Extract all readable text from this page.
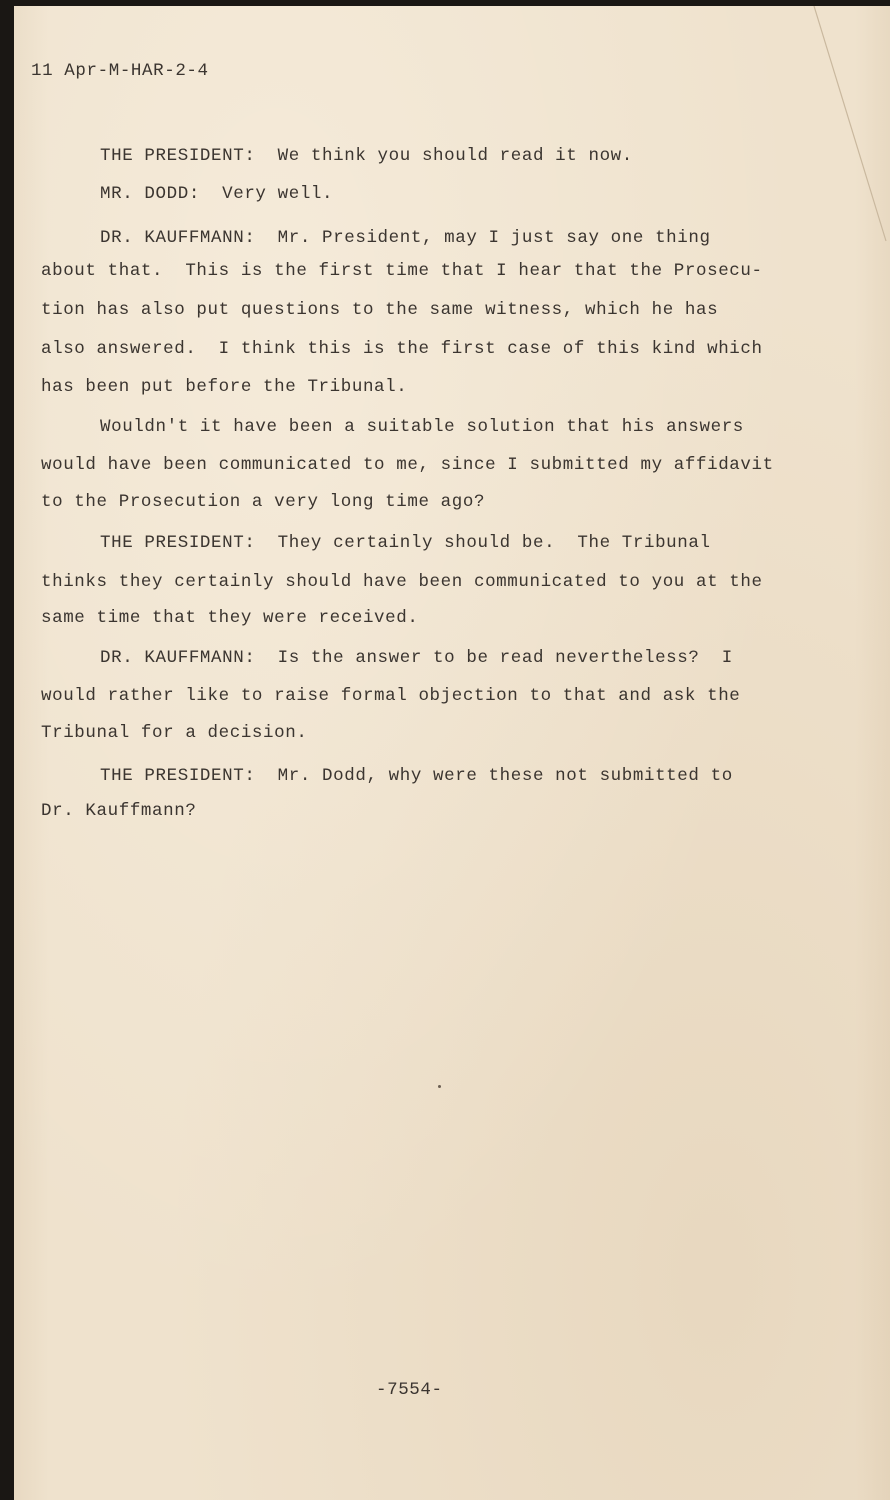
11 Apr-M-HAR-2-4
THE PRESIDENT:  We think you should read it now.
MR. DODD:  Very well.
DR. KAUFFMANN:  Mr. President, may I just say one thing
about that.  This is the first time that I hear that the Prosecu-
tion has also put questions to the same witness, which he has
also answered.  I think this is the first case of this kind which
has been put before the Tribunal.
Wouldn't it have been a suitable solution that his answers
would have been communicated to me, since I submitted my affidavit
to the Prosecution a very long time ago?
THE PRESIDENT:  They certainly should be.  The Tribunal
thinks they certainly should have been communicated to you at the
same time that they were received.
DR. KAUFFMANN:  Is the answer to be read nevertheless?  I
would rather like to raise formal objection to that and ask the
Tribunal for a decision.
THE PRESIDENT:  Mr. Dodd, why were these not submitted to
Dr. Kauffmann?
-7554-
